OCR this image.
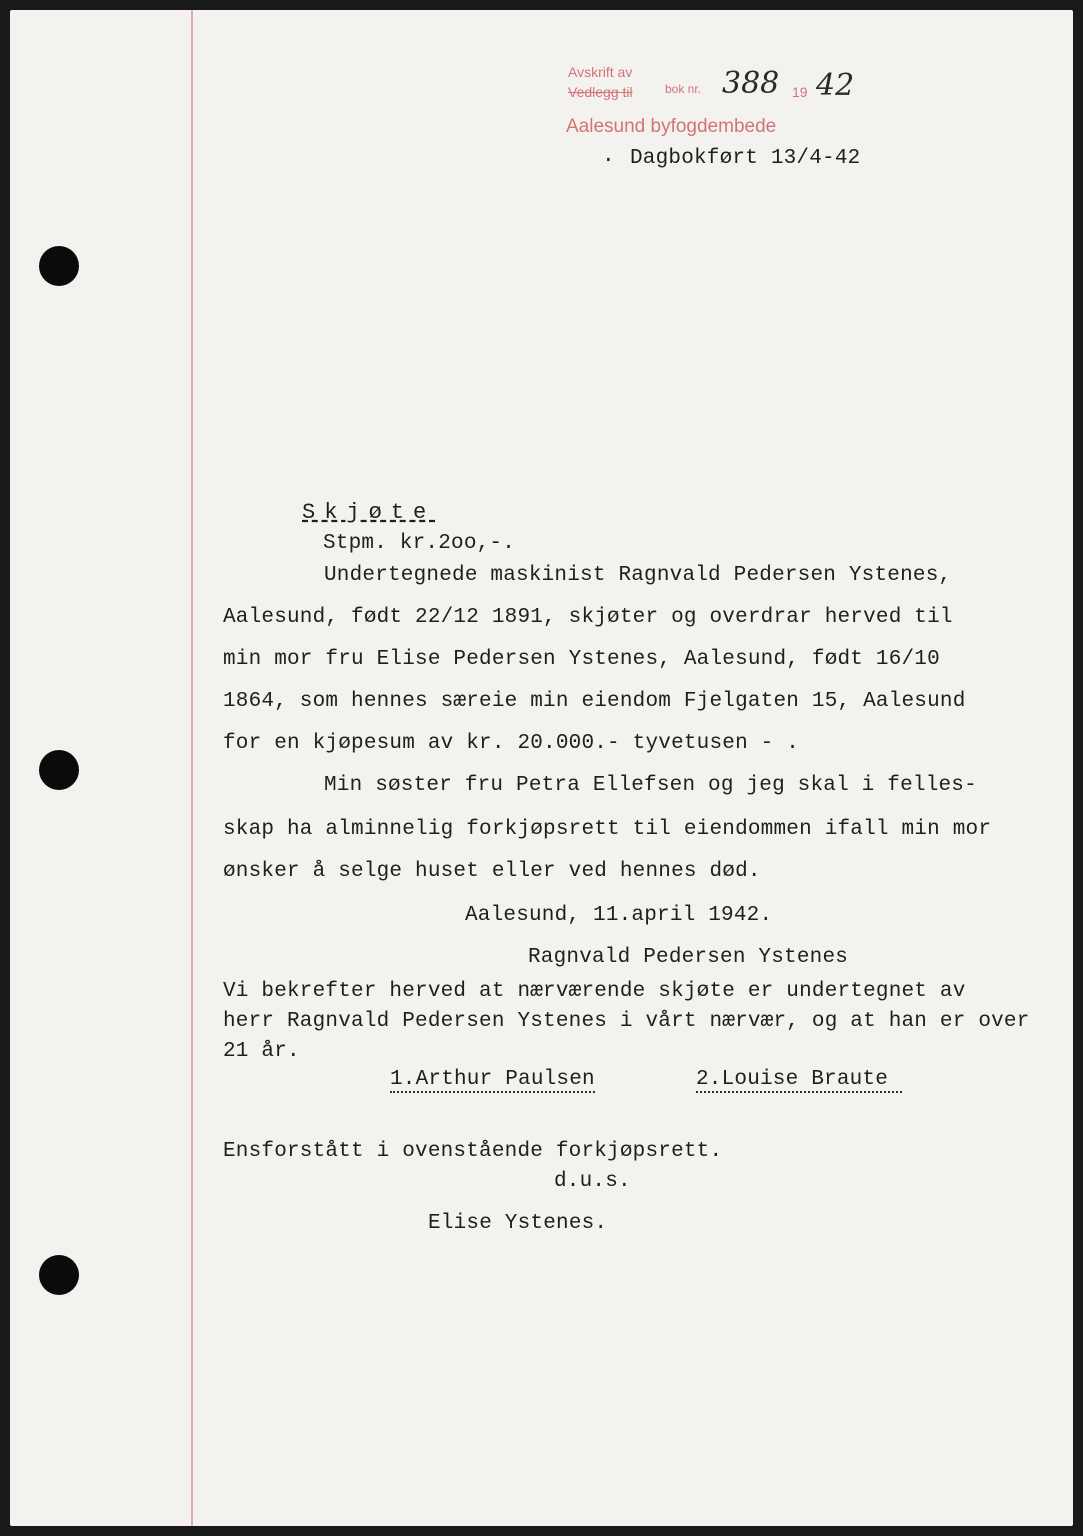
Avskrift av
Vedlegg til	bok nr.
Aalesund byfogdembede
388 19 42
. Dagbokført 13/4-42
Skjøte
Stpm. kr.2oo,-.
Undertegnede maskinist Ragnvald Pedersen Ystenes,
Aalesund, født 22/12 1891, skjøter og overdrar herved til
min mor fru Elise Pedersen Ystenes, Aalesund, født 16/10
1864, som hennes særeie min eiendom Fjelgaten 15, Aalesund
for en kjøpesum av kr. 20.000.- tyvetusen - .
Min søster fru Petra Ellefsen og jeg skal i felles-
skap ha alminnelig forkjøpsrett til eiendommen ifall min mor
ønsker å selge huset eller ved hennes død.
Aalesund, 11.april 1942.
Ragnvald Pedersen Ystenes
Vi bekrefter herved at nærværende skjøte er undertegnet av
herr Ragnvald Pedersen Ystenes i vårt nærvær, og at han er over
21 år.
1.Arthur Paulsen	2.Louise Braute
Ensforstått i ovenstående forkjøpsrett.
d.u.s.
Elise Ystenes.
